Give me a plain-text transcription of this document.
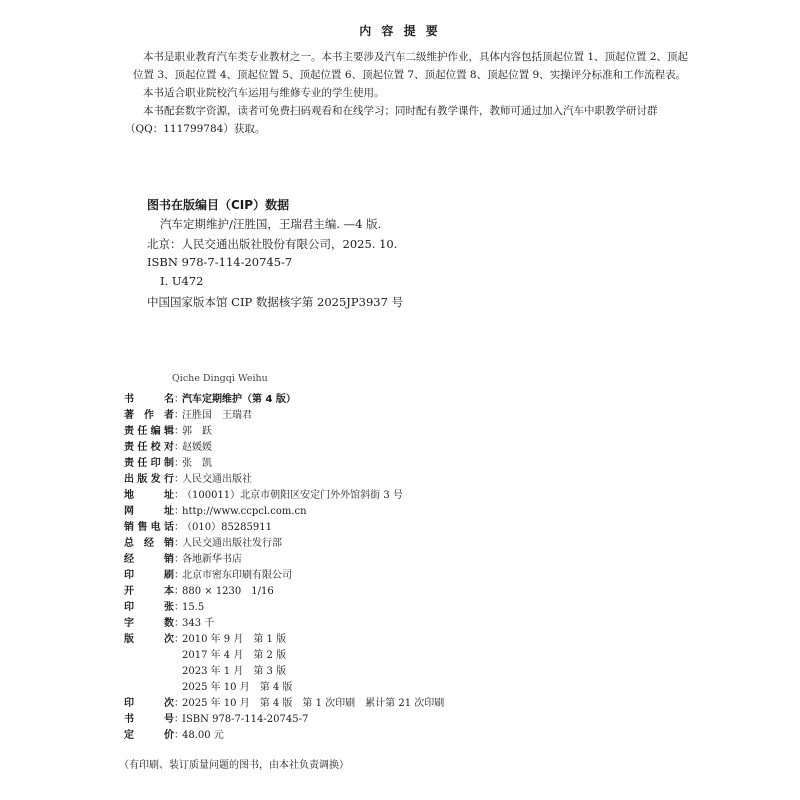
内 容 提 要
本书是职业教育汽车类专业教材之一。本书主要涉及汽车二级维护作业，具体内容包括顶起位置 1、顶起位置 2、顶起
位置 3、顶起位置 4、顶起位置 5、顶起位置 6、顶起位置 7、顶起位置 8、顶起位置 9、实操评分标准和工作流程表。
本书适合职业院校汽车运用与维修专业的学生使用。
本书配套数字资源，读者可免费扫码观看和在线学习；同时配有教学课件，教师可通过加入汽车中职教学研讨群
（QQ：111799784）获取。
图书在版编目（CIP）数据
汽车定期维护/汪胜国，王瑞君主编. —4 版.
北京：人民交通出版社股份有限公司，2025. 10.
ISBN 978-7-114-20745-7
Ⅰ. U472
中国国家版本馆 CIP 数据核字第 2025JP3937 号
Qiche Dingqi Weihu
书　名：汽车定期维护（第 4 版）
著 作 者：汪胜国　王瑞君
责任编辑：郭　跃
责任校对：赵媛媛
责任印制：张　凯
出版发行：人民交通出版社
地　址：（100011）北京市朝阳区安定门外外馆斜街 3 号
网　址：http://www.ccpcl.com.cn
销售电话：（010）85285911
总 经 销：人民交通出版社发行部
经　销：各地新华书店
印　刷：北京市密东印刷有限公司
开　本：880 × 1230　1/16
印　张：15.5
字　数：343 千
版　次：2010 年 9 月　第 1 版
2017 年 4 月　第 2 版
2023 年 1 月　第 3 版
2025 年 10 月　第 4 版
印　次：2025 年 10 月　第 4 版　第 1 次印刷　累计第 21 次印刷
书　号：ISBN 978-7-114-20745-7
定　价：48.00 元
（有印刷、装订质量问题的图书，由本社负责调换）
